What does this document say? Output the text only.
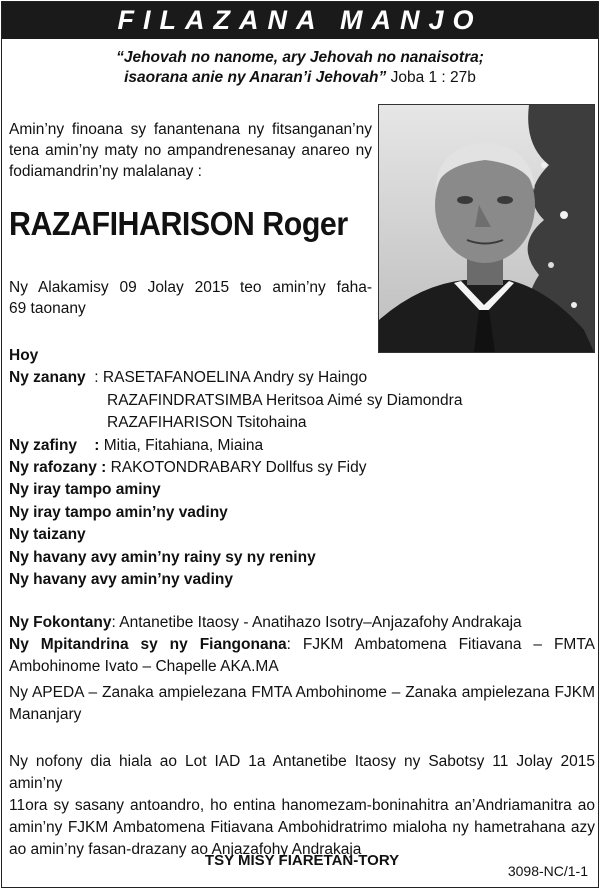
FILAZANA MANJO
“Jehovah no nanome, ary Jehovah no nanaisotra;
isaorana anie ny Anaran’i Jehovah” Joba 1 : 27b
Amin’ny finoana sy fanantenana ny fitsanganan’ny
tena amin’ny maty no ampandrenesanay anareo ny
fodiamandrin’ny malalanay :
RAZAFIHARISON Roger
Ny Alakamisy 09 Jolay 2015 teo amin’ny faha-
69 taonany
Hoy
Ny zanany  : RASETAFANOELINA Andry sy Haingo
RAZAFINDRATSIMBA Heritsoa Aimé sy Diamondra
RAZAFIHARISON Tsitohaina
Ny zafiny    : Mitia, Fitahiana, Miaina
Ny rafozany : RAKOTONDRABARY Dollfus sy Fidy
Ny iray tampo aminy
Ny iray tampo amin’ny vadiny
Ny taizany
Ny havany avy amin’ny rainy sy ny reniny
Ny havany avy amin’ny vadiny
Ny Fokontany: Antanetibe Itaosy - Anatihazo Isotry–Anjazafohy Andrakaja
Ny Mpitandrina sy ny Fiangonana: FJKM Ambatomena Fitiavana – FMTA
Ambohinome Ivato – Chapelle AKA.MA
Ny APEDA – Zanaka ampielezana FMTA Ambohinome – Zanaka ampielezana FJKM
Mananjary
Ny nofony dia hiala ao Lot IAD 1a Antanetibe Itaosy ny Sabotsy 11 Jolay 2015 amin’ny
11ora sy sasany antoandro, ho entina hanomezam-boninahitra an’Andriamanitra ao
amin’ny FJKM Ambatomena Fitiavana Ambohidratrimo mialoha ny hametrahana azy
ao amin’ny fasan-drazany ao Anjazafohy Andrakaja
TSY MISY FIARETAN-TORY
3098-NC/1-1
